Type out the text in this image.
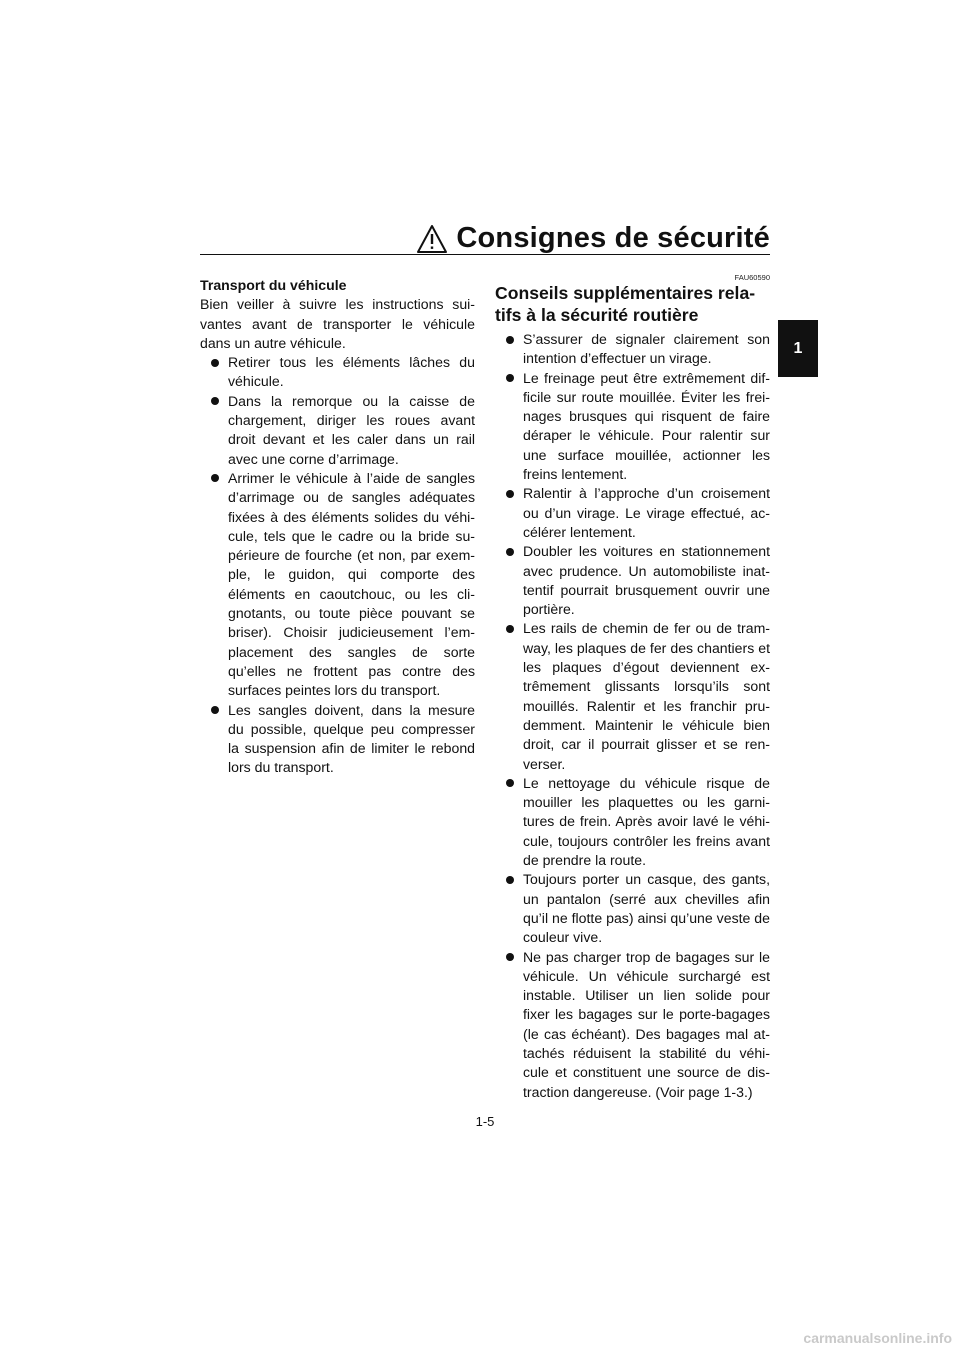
Consignes de sécurité
1

Transport du véhicule

Bien veiller à suivre les instructions sui-vantes avant de transporter le véhicule dans un autre véhicule.

Retirer tous les éléments lâches du véhicule.
Dans la remorque ou la caisse de chargement, diriger les roues avant droit devant et les caler dans un rail avec une corne d’arrimage.
Arrimer le véhicule à l’aide de sangles d’arrimage ou de sangles adéquates fixées à des éléments solides du véhi-cule, tels que le cadre ou la bride su-périeure de fourche (et non, par exem-ple, le guidon, qui comporte des éléments en caoutchouc, ou les cli-gnotants, ou toute pièce pouvant se briser). Choisir judicieusement l’em-placement des sangles de sorte qu’elles ne frottent pas contre des surfaces peintes lors du transport.
Les sangles doivent, dans la mesure du possible, quelque peu compresser la suspension afin de limiter le rebond lors du transport.
FAU60590
Conseils supplémentaires rela-tifs à la sécurité routière
S’assurer de signaler clairement son intention d’effectuer un virage.
Le freinage peut être extrêmement dif-ficile sur route mouillée. Éviter les frei-nages brusques qui risquent de faire déraper le véhicule. Pour ralentir sur une surface mouillée, actionner les freins lentement.
Ralentir à l’approche d’un croisement ou d’un virage. Le virage effectué, ac-célérer lentement.
Doubler les voitures en stationnement avec prudence. Un automobiliste inat-tentif pourrait brusquement ouvrir une portière.
Les rails de chemin de fer ou de tram-way, les plaques de fer des chantiers et les plaques d’égout deviennent ex-trêmement glissants lorsqu’ils sont mouillés. Ralentir et les franchir pru-demment. Maintenir le véhicule bien droit, car il pourrait glisser et se ren-verser.
Le nettoyage du véhicule risque de mouiller les plaquettes ou les garni-tures de frein. Après avoir lavé le véhi-cule, toujours contrôler les freins avant de prendre la route.
Toujours porter un casque, des gants, un pantalon (serré aux chevilles afin qu’il ne flotte pas) ainsi qu’une veste de couleur vive.
Ne pas charger trop de bagages sur le véhicule. Un véhicule surchargé est instable. Utiliser un lien solide pour fixer les bagages sur le porte-bagages (le cas échéant). Des bagages mal at-tachés réduisent la stabilité du véhi-cule et constituent une source de dis-traction dangereuse. (Voir page 1-3.)
1-5
carmanualsonline.info
